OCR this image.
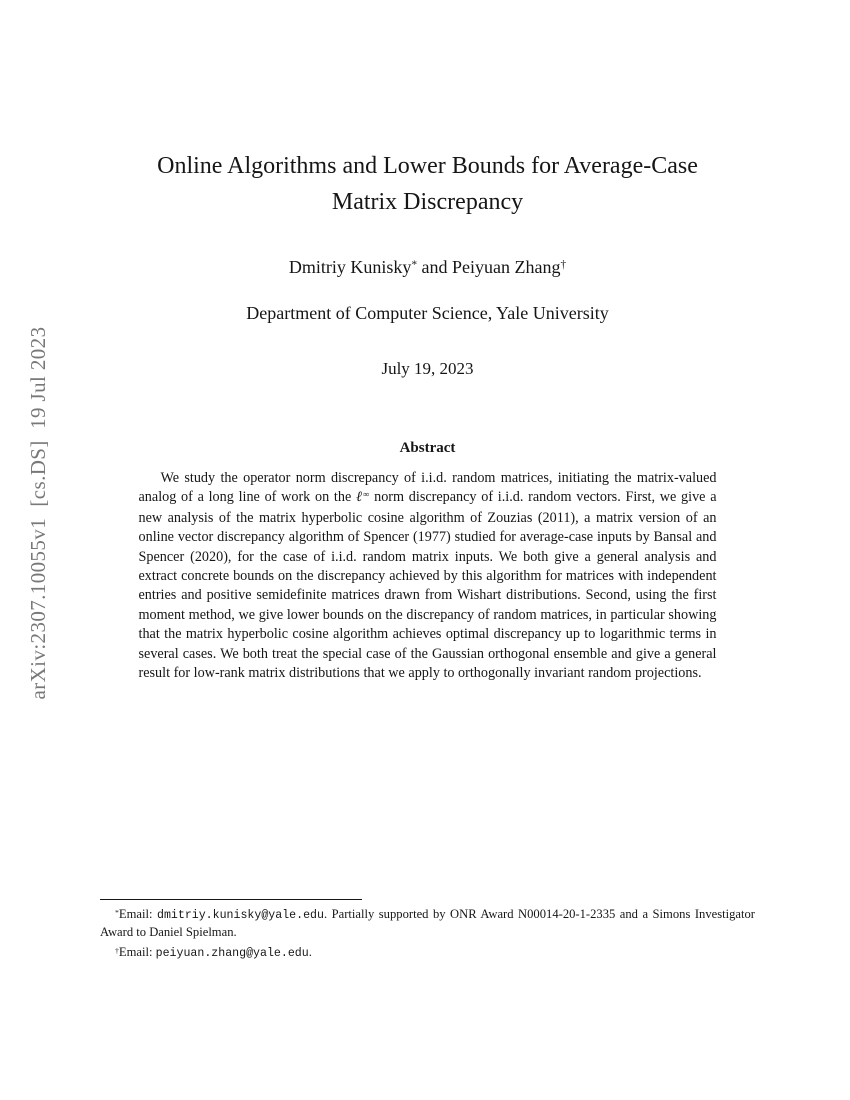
arXiv:2307.10055v1  [cs.DS]  19 Jul 2023
Online Algorithms and Lower Bounds for Average-Case
Matrix Discrepancy
Dmitriy Kunisky* and Peiyuan Zhang†
Department of Computer Science, Yale University
July 19, 2023
Abstract

We study the operator norm discrepancy of i.i.d. random matrices, initiating the matrix-valued analog of a long line of work on the ℓ∞ norm discrepancy of i.i.d. random vectors. First, we give a new analysis of the matrix hyperbolic cosine algorithm of Zouzias (2011), a matrix version of an online vector discrepancy algorithm of Spencer (1977) studied for average-case inputs by Bansal and Spencer (2020), for the case of i.i.d. random matrix inputs. We both give a general analysis and extract concrete bounds on the discrepancy achieved by this algorithm for matrices with independent entries and positive semidefinite matrices drawn from Wishart distributions. Second, using the first moment method, we give lower bounds on the discrepancy of random matrices, in particular showing that the matrix hyperbolic cosine algorithm achieves optimal discrepancy up to logarithmic terms in several cases. We both treat the special case of the Gaussian orthogonal ensemble and give a general result for low-rank matrix distributions that we apply to orthogonally invariant random projections.

*Email: dmitriy.kunisky@yale.edu. Partially supported by ONR Award N00014-20-1-2335 and a Simons Investigator Award to Daniel Spielman.

†Email: peiyuan.zhang@yale.edu.
